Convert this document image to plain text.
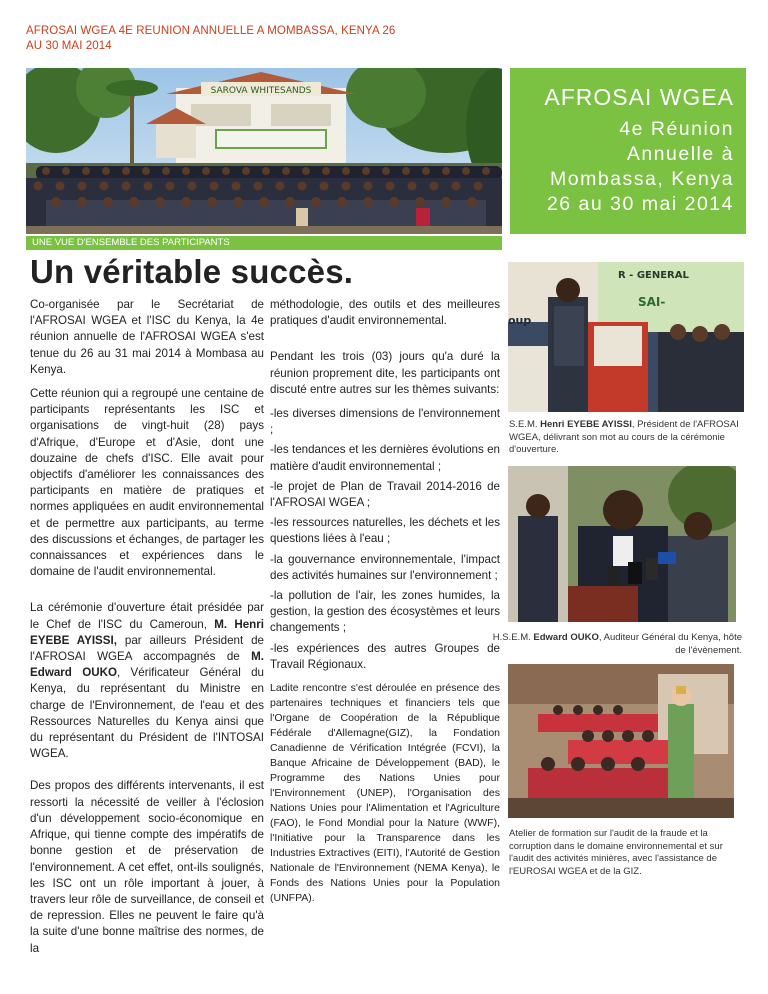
AFROSAI WGEA 4E REUNION ANNUELLE A MOMBASSA, KENYA 26
AU 30 MAI 2014
SAROVA WHITESANDS	AFROSAI WGEA
4e Réunion
Annuelle à
Mombassa, Kenya
26 au 30 mai 2014
UNE VUE D'ENSEMBLE DES PARTICIPANTS
Un véritable succès.

Co-organisée par le Secrétariat de l'AFROSAI WGEA et l'ISC du Kenya, la 4e réunion annuelle de l'AFROSAI WGEA s'est tenue du 26 au 31 mai 2014 à Mombasa au Kenya.

Cette réunion qui a regroupé une centaine de participants représentants les ISC et organisations de vingt-huit (28) pays d'Afrique, d'Europe et d'Asie, dont une douzaine de chefs d'ISC. Elle avait pour objectifs d'améliorer les connaissances des participants en matière de pratiques et normes appliquées en audit environnemental et de permettre aux participants, au terme des discussions et échanges, de partager les connaissances et expériences dans le domaine de l'audit environnemental.

La cérémonie d'ouverture était présidée par le Chef de l'ISC du Cameroun, M. Henri EYEBE AYISSI, par ailleurs Président de l'AFROSAI WGEA accompagnés de M. Edward OUKO, Vérificateur Général du Kenya, du représentant du Ministre en charge de l'Environnement, de l'eau et des Ressources Naturelles du Kenya ainsi que du représentant du Président de l'INTOSAI WGEA.

Des propos des différents intervenants, il est ressorti la nécessité de veiller à l'éclosion d'un développement socio-économique en Afrique, qui tienne compte des impératifs de bonne gestion et de préservation de l'environnement. A cet effet, ont-ils soulignés, les ISC ont un rôle important à jouer, à travers leur rôle de surveillance, de conseil et de repression. Elles ne peuvent le faire qu'à la suite d'une bonne maîtrise des normes, de la

méthodologie, des outils et des meilleures pratiques d'audit environnemental.

Pendant les trois (03) jours qu'a duré la réunion proprement dite, les participants ont discuté entre autres sur les thèmes suivants:

-les diverses dimensions de l'environnement ;

-les tendances et les dernières évolutions en matière d'audit environnemental ;

-le projet de Plan de Travail 2014-2016 de l'AFROSAI WGEA ;

-les ressources naturelles, les déchets et les questions liées à l'eau ;

-la gouvernance environnementale, l'impact des activités humaines sur l'environnement ;

-la pollution de l'air, les zones humides, la gestion, la gestion des écosystèmes et leurs changements ;

-les expériences des autres Groupes de Travail Régionaux.

Ladite rencontre s'est déroulée en présence des partenaires techniques et financiers tels que l'Organe de Coopération de la République Fédérale d'Allemagne(GIZ), la Fondation Canadienne de Vérification Intégrée (FCVI), la Banque Africaine de Développement (BAD), le Programme des Nations Unies pour l'Environnement (UNEP), l'Organisation des Nations Unies pour l'Alimentation et l'Agriculture (FAO), le Fond Mondial pour la Nature (WWF), l'Initiative pour la Transparence dans les Industries Extractives (EITI), l'Autorité de Gestion Nationale de l'Environnement (NEMA Kenya), le Fonds des Nations Unies pour la Population (UNFPA).

R - GENERAL
oup
SAI-
S.E.M. Henri EYEBE AYISSI, Président de l'AFROSAI WGEA, délivrant son mot au cours de la cérémonie d'ouverture.
H.S.E.M. Edward OUKO, Auditeur Général du Kenya, hôte de l'évènement.
Atelier de formation sur l'audit de la fraude et la corruption dans le domaine environnemental et sur l'audit des activités minières, avec l'assistance de l'EUROSAI WGEA et de la GIZ.
